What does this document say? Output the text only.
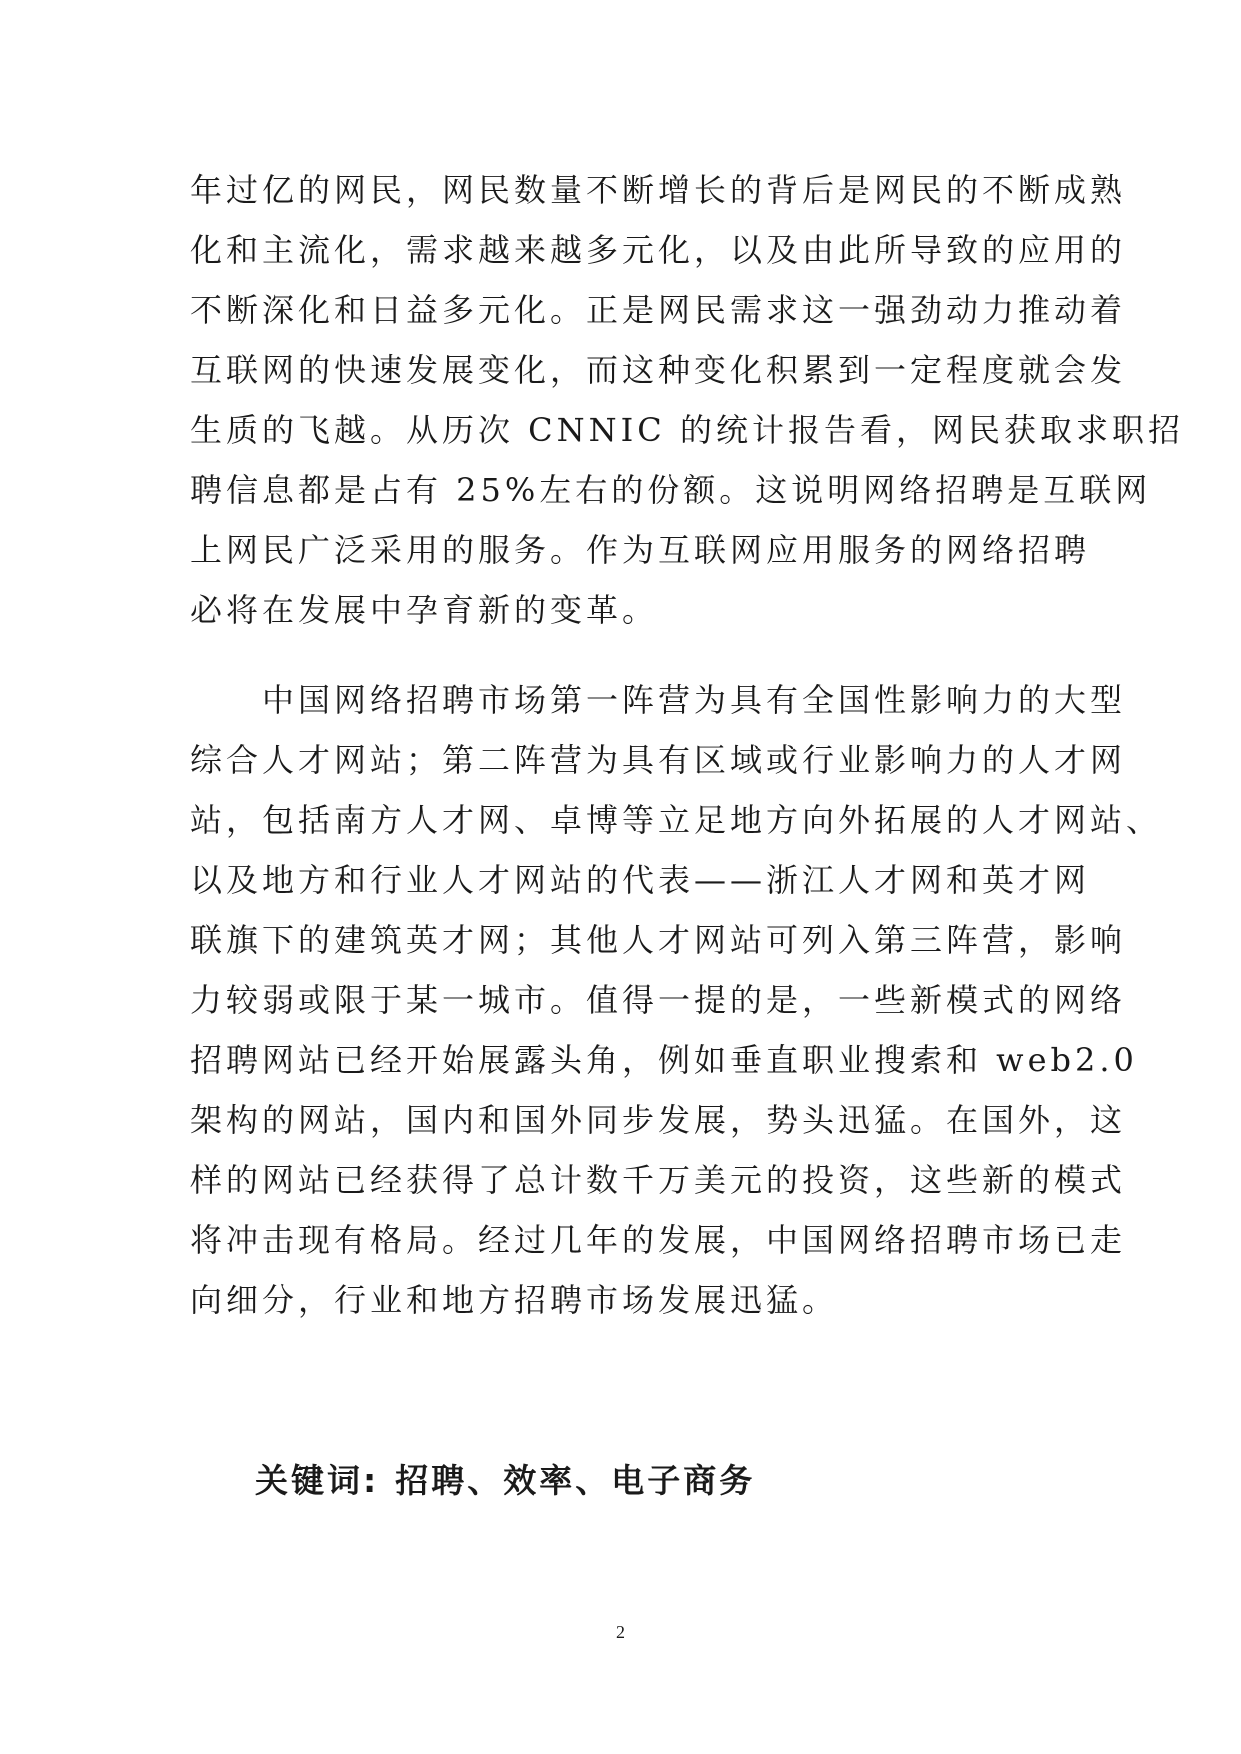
年过亿的网民，网民数量不断增长的背后是网民的不断成熟
化和主流化，需求越来越多元化，以及由此所导致的应用的
不断深化和日益多元化。正是网民需求这一强劲动力推动着
互联网的快速发展变化，而这种变化积累到一定程度就会发
生质的飞越。从历次 CNNIC 的统计报告看，网民获取求职招
聘信息都是占有 25%左右的份额。这说明网络招聘是互联网
上网民广泛采用的服务。作为互联网应用服务的网络招聘
必将在发展中孕育新的变革。
　　中国网络招聘市场第一阵营为具有全国性影响力的大型
综合人才网站；第二阵营为具有区域或行业影响力的人才网
站，包括南方人才网、卓博等立足地方向外拓展的人才网站、
以及地方和行业人才网站的代表——浙江人才网和英才网
联旗下的建筑英才网；其他人才网站可列入第三阵营，影响
力较弱或限于某一城市。值得一提的是，一些新模式的网络
招聘网站已经开始展露头角，例如垂直职业搜索和 web2.0
架构的网站，国内和国外同步发展，势头迅猛。在国外，这
样的网站已经获得了总计数千万美元的投资，这些新的模式
将冲击现有格局。经过几年的发展，中国网络招聘市场已走
向细分，行业和地方招聘市场发展迅猛。
关键词: 招聘、效率、电子商务
2
